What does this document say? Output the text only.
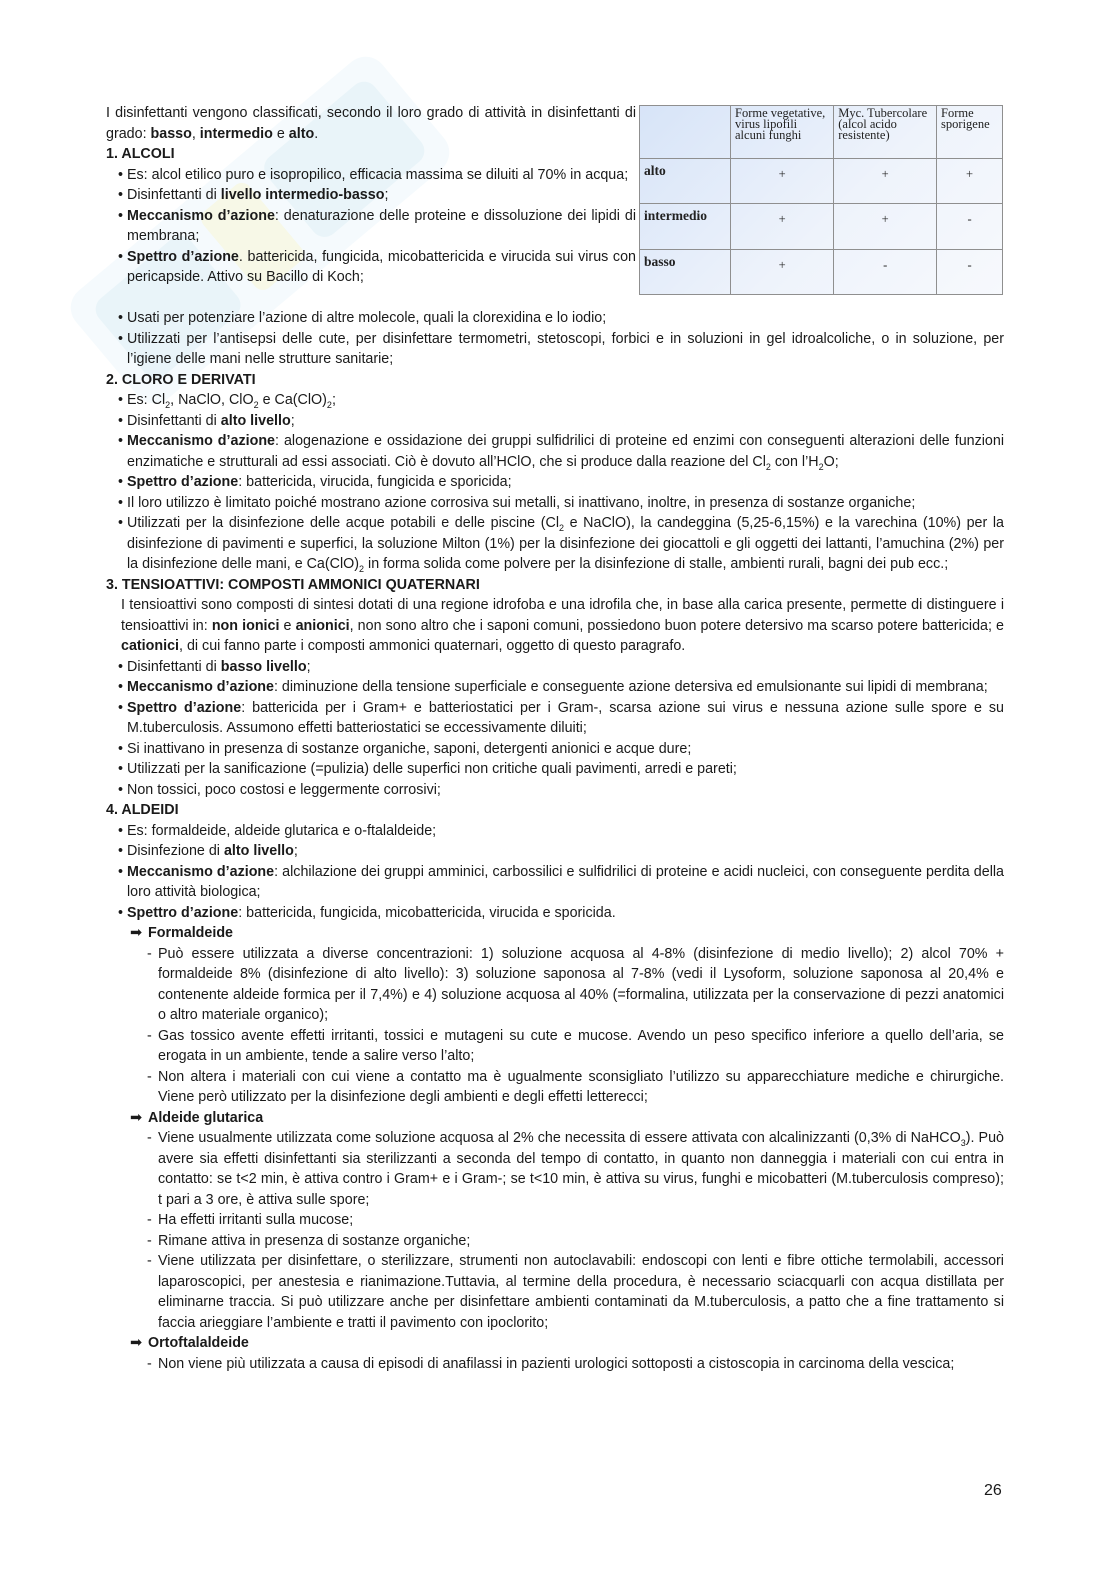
I disinfettanti vengono classificati, secondo il loro grado di attività in disinfettanti di grado: basso, intermedio e alto.
1. ALCOLI
• Es: alcol etilico puro e isopropilico, efficacia massima se diluiti al 70% in acqua;
• Disinfettanti di livello intermedio-basso;
• Meccanismo d’azione: denaturazione delle proteine e dissoluzione dei lipidi di membrana;
• Spettro d’azione. battericida, fungicida, micobattericida e virucida sui virus con pericapside. Attivo su Bacillo di Koch;
	Forme vegetative, virus lipofili alcuni funghi	Myc. Tubercolare (alcol acido resistente)	Forme sporigene
alto	+	+	+
intermedio	+	+	-
basso	+	-	-
• Usati per potenziare l’azione di altre molecole, quali la clorexidina e lo iodio;
• Utilizzati per l’antisepsi delle cute, per disinfettare termometri, stetoscopi, forbici e in soluzioni in gel idroalcoliche, o in soluzione, per l’igiene delle mani nelle strutture sanitarie;
2. CLORO E DERIVATI
• Es: $Cl_2$, NaClO, ClO$_2$ e $Ca(ClO)_2$;
• Disinfettanti di alto livello;
• Meccanismo d’azione: alogenazione e ossidazione dei gruppi sulfidrilici di proteine ed enzimi con conseguenti alterazioni delle funzioni enzimatiche e strutturali ad essi associati. Ciò è dovuto all’HClO, che si produce dalla reazione del $Cl_2$ con $l’H_2O$;
• Spettro d’azione: battericida, virucida, fungicida e sporicida;
• Il loro utilizzo è limitato poiché mostrano azione corrosiva sui metalli, si inattivano, inoltre, in presenza di sostanze organiche;
• Utilizzati per la disinfezione delle acque potabili e delle piscine ($Cl_2$ e NaClO), la candeggina (5,25-6,15%) e la varechina (10%) per la disinfezione di pavimenti e superfici, la soluzione Milton (1%) per la disinfezione dei giocattoli e gli oggetti dei lattanti, l’amuchina (2%) per la disinfezione delle mani, e $Ca(ClO)_2$ in forma solida come polvere per la disinfezione di stalle, ambienti rurali, bagni dei pub ecc.;
3. TENSIOATTIVI: COMPOSTI AMMONICI QUATERNARI
I tensioattivi sono composti di sintesi dotati di una regione idrofoba e una idrofila che, in base alla carica presente, permette di distinguere i tensioattivi in: non ionici e anionici, non sono altro che i saponi comuni, possiedono buon potere detersivo ma scarso potere battericida; e cationici, di cui fanno parte i composti ammonici quaternari, oggetto di questo paragrafo.
• Disinfettanti di basso livello;
• Meccanismo d’azione: diminuzione della tensione superficiale e conseguente azione detersiva ed emulsionante sui lipidi di membrana;
• Spettro d’azione: battericida per i Gram+ e batteriostatici per i Gram-, scarsa azione sui virus e nessuna azione sulle spore e su M.tuberculosis. Assumono effetti batteriostatici se eccessivamente diluiti;
• Si inattivano in presenza di sostanze organiche, saponi, detergenti anionici e acque dure;
• Utilizzati per la sanificazione (=pulizia) delle superfici non critiche quali pavimenti, arredi e pareti;
• Non tossici, poco costosi e leggermente corrosivi;
4. ALDEIDI
• Es: formaldeide, aldeide glutarica e o-ftalaldeide;
• Disinfezione di alto livello;
• Meccanismo d’azione: alchilazione dei gruppi amminici, carbossilici e sulfidrilici di proteine e acidi nucleici, con conseguente perdita della loro attività biologica;
• Spettro d’azione: battericida, fungicida, micobattericida, virucida e sporicida.
➡ Formaldeide
- Può essere utilizzata a diverse concentrazioni: 1) soluzione acquosa al 4-8% (disinfezione di medio livello); 2) alcol 70% + formaldeide 8% (disinfezione di alto livello): 3) soluzione saponosa al 7-8% (vedi il Lysoform, soluzione saponosa al 20,4% e contenente aldeide formica per il 7,4%) e 4) soluzione acquosa al 40% (=formalina, utilizzata per la conservazione di pezzi anatomici o altro materiale organico);
- Gas tossico avente effetti irritanti, tossici e mutageni su cute e mucose. Avendo un peso specifico inferiore a quello dell’aria, se erogata in un ambiente, tende a salire verso l’alto;
- Non altera i materiali con cui viene a contatto ma è ugualmente sconsigliato l’utilizzo su apparecchiature mediche e chirurgiche. Viene però utilizzato per la disinfezione degli ambienti e degli effetti letterecci;
➡ Aldeide glutarica
- Viene usualmente utilizzata come soluzione acquosa al 2% che necessita di essere attivata con alcalinizzanti (0,3% di NaHCO$_3$). Può avere sia effetti disinfettanti sia sterilizzanti a seconda del tempo di contatto, in quanto non danneggia i materiali con cui entra in contatto: se t<2 min, è attiva contro i Gram+ e i Gram-; se t<10 min, è attiva su virus, funghi e micobatteri (M.tuberculosis compreso); t pari a 3 ore, è attiva sulle spore;
- Ha effetti irritanti sulla mucose;
- Rimane attiva in presenza di sostanze organiche;
- Viene utilizzata per disinfettare, o sterilizzare, strumenti non autoclavabili: endoscopi con lenti e fibre ottiche termolabili, accessori laparoscopici, per anestesia e rianimazione.Tuttavia, al termine della procedura, è necessario sciacquarli con acqua distillata per eliminarne traccia. Si può utilizzare anche per disinfettare ambienti contaminati da M.tuberculosis, a patto che a fine trattamento si faccia arieggiare l’ambiente e tratti il pavimento con ipoclorito;
➡ Ortoftalaldeide
- Non viene più utilizzata a causa di episodi di anafilassi in pazienti urologici sottoposti a cistoscopia in carcinoma della vescica;
26
